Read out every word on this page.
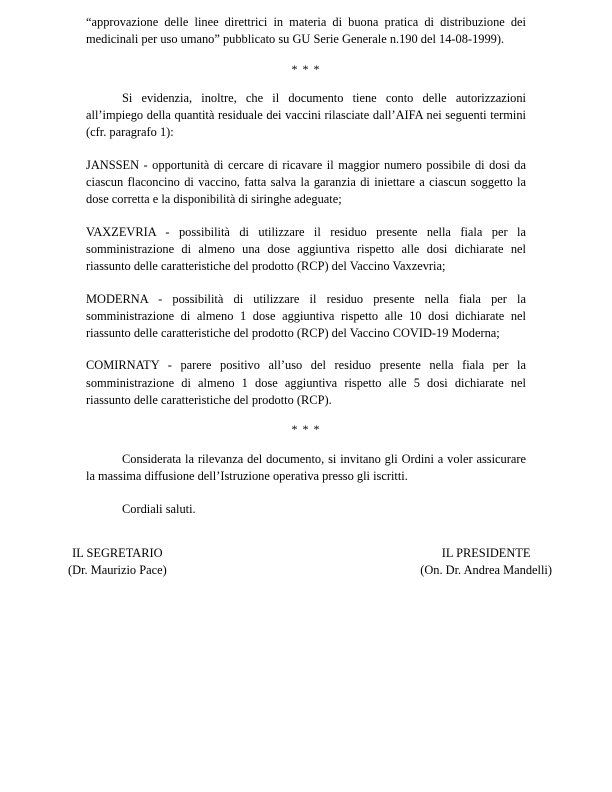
“approvazione delle linee direttrici in materia di buona pratica di distribuzione dei medicinali per uso umano” pubblicato su GU Serie Generale n.190 del 14-08-1999).

* * *

Si evidenzia, inoltre, che il documento tiene conto delle autorizzazioni all’impiego della quantità residuale dei vaccini rilasciate dall’AIFA nei seguenti termini (cfr. paragrafo 1):

JANSSEN - opportunità di cercare di ricavare il maggior numero possibile di dosi da ciascun flaconcino di vaccino, fatta salva la garanzia di iniettare a ciascun soggetto la dose corretta e la disponibilità di siringhe adeguate;

VAXZEVRIA - possibilità di utilizzare il residuo presente nella fiala per la somministrazione di almeno una dose aggiuntiva rispetto alle dosi dichiarate nel riassunto delle caratteristiche del prodotto (RCP) del Vaccino Vaxzevria;

MODERNA - possibilità di utilizzare il residuo presente nella fiala per la somministrazione di almeno 1 dose aggiuntiva rispetto alle 10 dosi dichiarate nel riassunto delle caratteristiche del prodotto (RCP) del Vaccino COVID-19 Moderna;

COMIRNATY - parere positivo all’uso del residuo presente nella fiala per la somministrazione di almeno 1 dose aggiuntiva rispetto alle 5 dosi dichiarate nel riassunto delle caratteristiche del prodotto (RCP).

* * *

Considerata la rilevanza del documento, si invitano gli Ordini a voler assicurare la massima diffusione dell’Istruzione operativa presso gli iscritti.

Cordiali saluti.
IL SEGRETARIO
(Dr. Maurizio Pace)
IL PRESIDENTE
(On. Dr. Andrea Mandelli)
